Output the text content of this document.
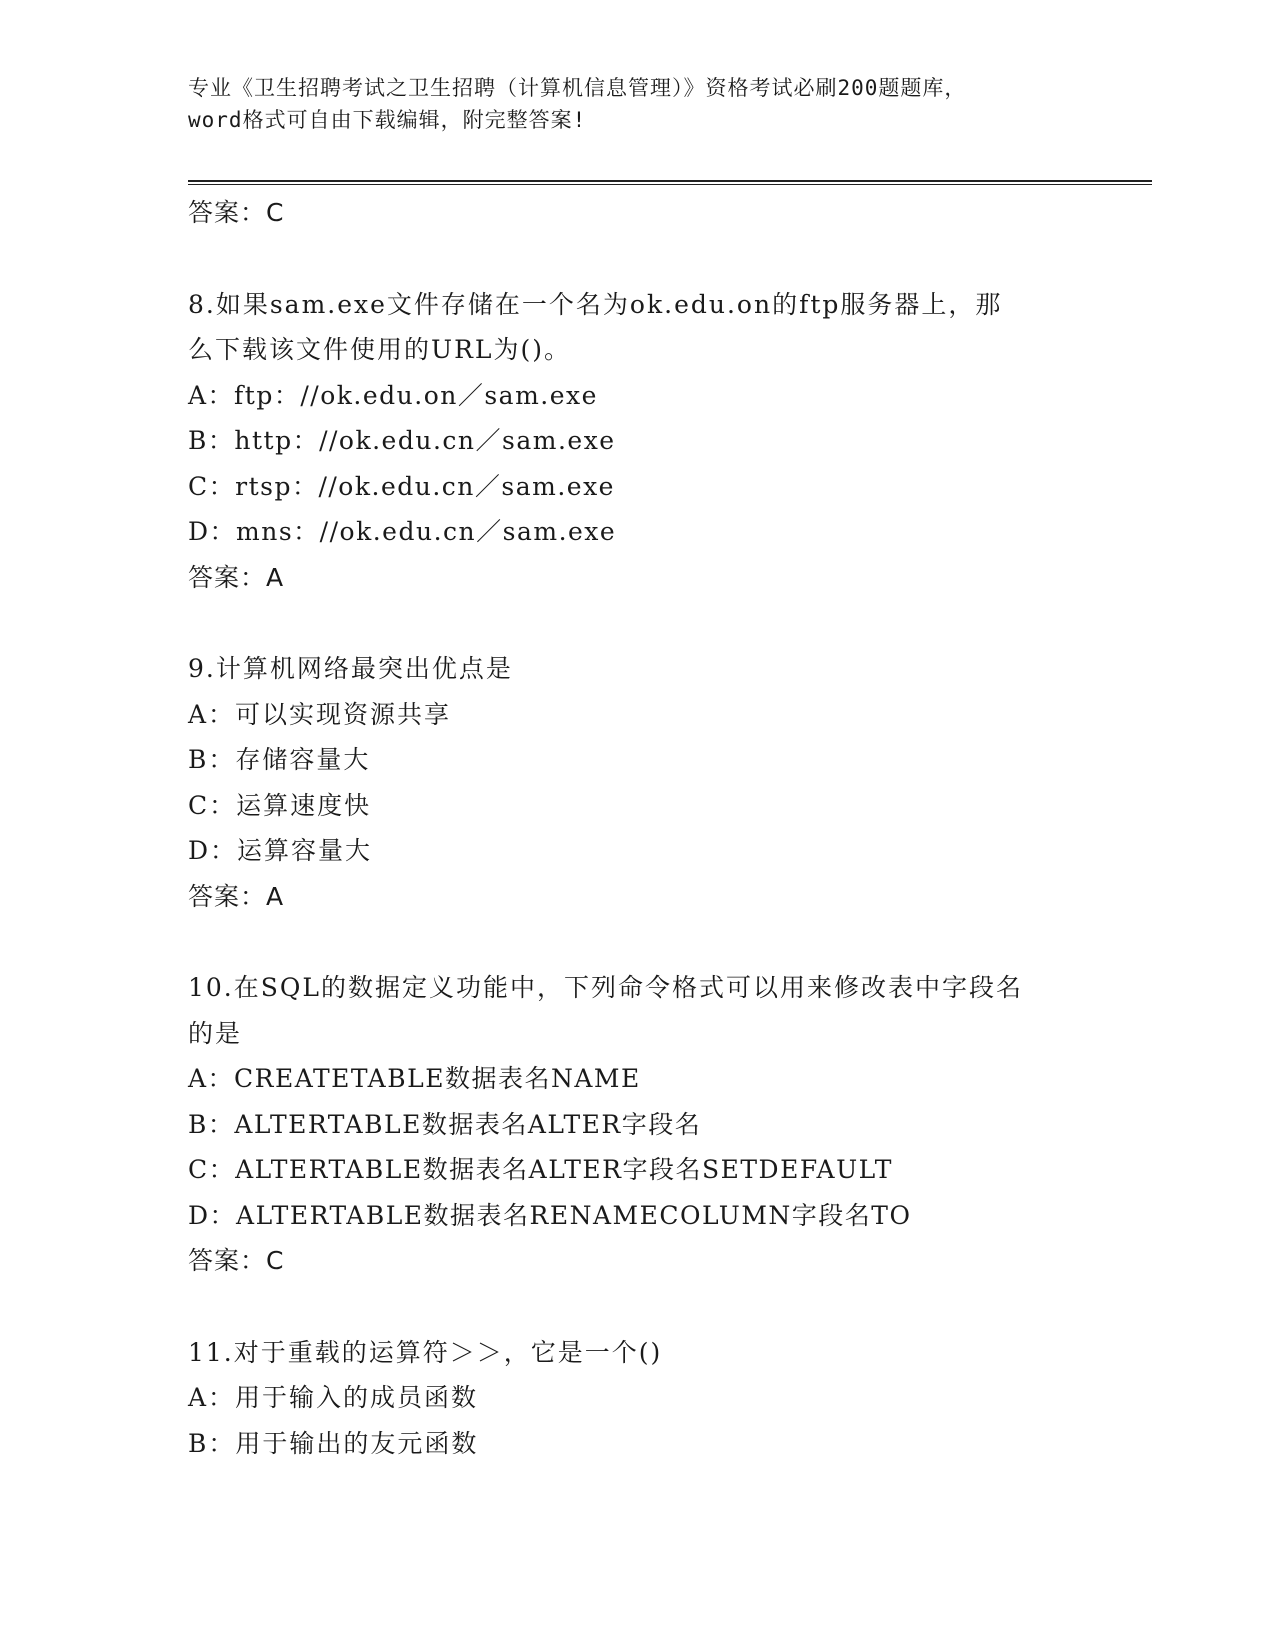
专业《卫生招聘考试之卫生招聘（计算机信息管理）》资格考试必刷200题题库，
word格式可自由下载编辑，附完整答案!
答案：C
8.如果sam.exe文件存储在一个名为ok.edu.on的ftp服务器上，那
么下载该文件使用的URL为()。
A：ftp：//ok.edu.on／sam.exe
B：http：//ok.edu.cn／sam.exe
C：rtsp：//ok.edu.cn／sam.exe
D：mns：//ok.edu.cn／sam.exe
答案：A
9.计算机网络最突出优点是
A：可以实现资源共享
B：存储容量大
C：运算速度快
D：运算容量大
答案：A
10.在SQL的数据定义功能中，下列命令格式可以用来修改表中字段名
的是
A：CREATETABLE数据表名NAME
B：ALTERTABLE数据表名ALTER字段名
C：ALTERTABLE数据表名ALTER字段名SETDEFAULT
D：ALTERTABLE数据表名RENAMECOLUMN字段名TO
答案：C
11.对于重载的运算符＞＞，它是一个()
A：用于输入的成员函数
B：用于输出的友元函数
